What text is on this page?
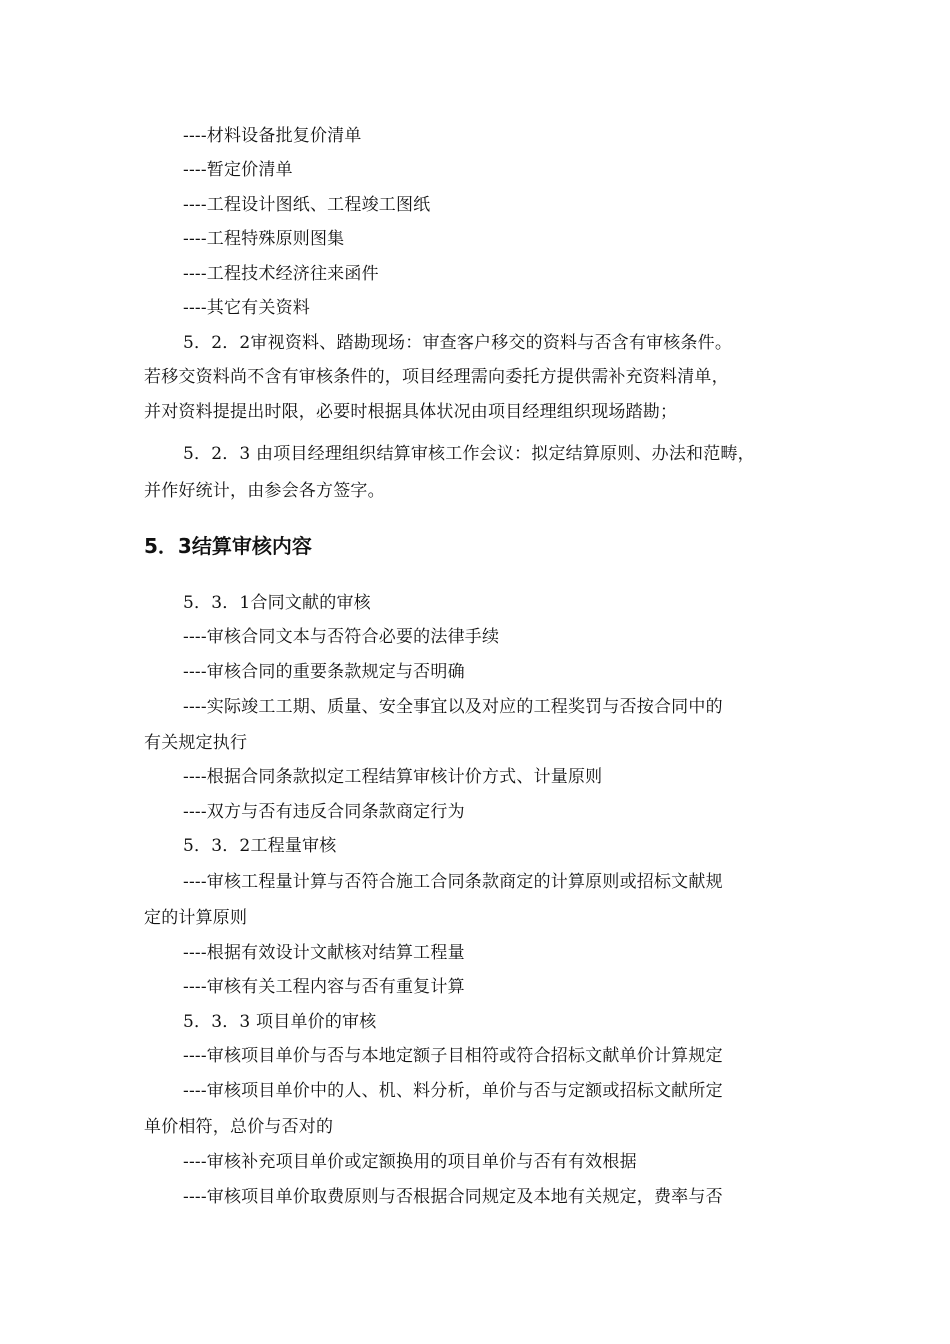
----材料设备批复价清单
----暂定价清单
----工程设计图纸、工程竣工图纸
----工程特殊原则图集
----工程技术经济往来函件
----其它有关资料
5．2．2审视资料、踏勘现场：审查客户移交的资料与否含有审核条件。
若移交资料尚不含有审核条件的，项目经理需向委托方提供需补充资料清单，
并对资料提提出时限，必要时根据具体状况由项目经理组织现场踏勘；
5．2．3 由项目经理组织结算审核工作会议：拟定结算原则、办法和范畴，
并作好统计，由参会各方签字。
5．3结算审核内容
5．3．1合同文献的审核
----审核合同文本与否符合必要的法律手续
----审核合同的重要条款规定与否明确
----实际竣工工期、质量、安全事宜以及对应的工程奖罚与否按合同中的
有关规定执行
----根据合同条款拟定工程结算审核计价方式、计量原则
----双方与否有违反合同条款商定行为
5．3．2工程量审核
----审核工程量计算与否符合施工合同条款商定的计算原则或招标文献规
定的计算原则
----根据有效设计文献核对结算工程量
----审核有关工程内容与否有重复计算
5．3．3 项目单价的审核
----审核项目单价与否与本地定额子目相符或符合招标文献单价计算规定
----审核项目单价中的人、机、料分析，单价与否与定额或招标文献所定
单价相符，总价与否对的
----审核补充项目单价或定额换用的项目单价与否有有效根据
----审核项目单价取费原则与否根据合同规定及本地有关规定，费率与否
